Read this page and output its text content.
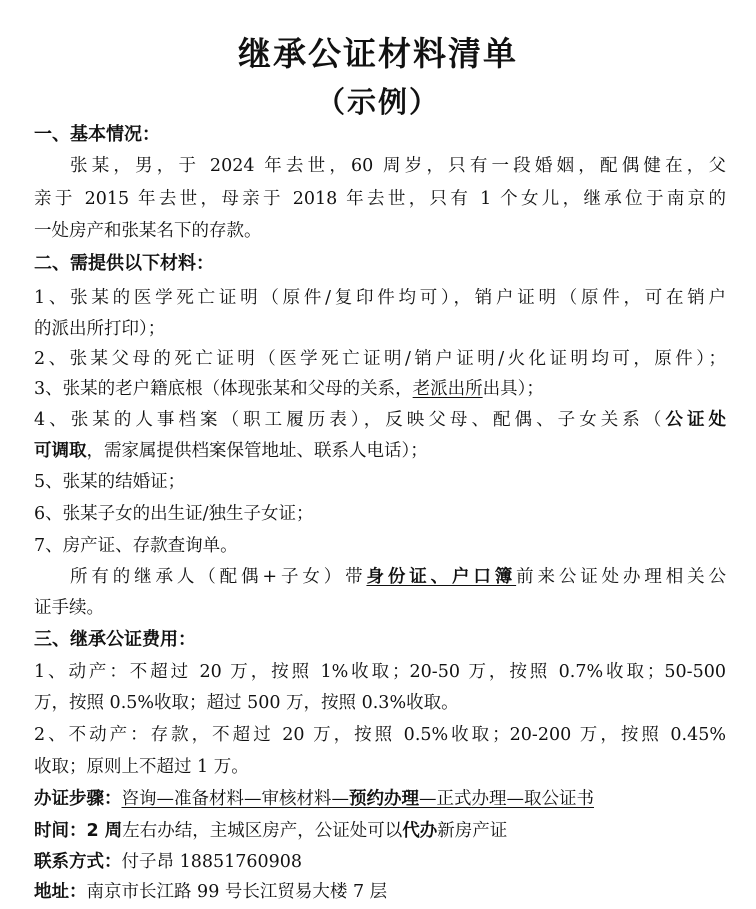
继承公证材料清单
（示例）
一、基本情况：
张某，男，于 2024 年去世，60 周岁，只有一段婚姻，配偶健在，父
亲于 2015 年去世，母亲于 2018 年去世，只有 1 个女儿，继承位于南京的
一处房产和张某名下的存款。
二、需提供以下材料：
1、张某的医学死亡证明（原件/复印件均可），销户证明（原件，可在销户
的派出所打印）；
2、张某父母的死亡证明（医学死亡证明/销户证明/火化证明均可，原件）；
3、张某的老户籍底根（体现张某和父母的关系，老派出所出具）；
4、张某的人事档案（职工履历表），反映父母、配偶、子女关系（公证处
可调取，需家属提供档案保管地址、联系人电话）；
5、张某的结婚证；
6、张某子女的出生证/独生子女证；
7、房产证、存款查询单。
所有的继承人（配偶+子女）带身份证、户口簿前来公证处办理相关公
证手续。
三、继承公证费用：
1、动产：不超过 20 万，按照 1%收取；20-50 万，按照 0.7%收取；50-500
万，按照 0.5%收取；超过 500 万，按照 0.3%收取。
2、不动产：存款，不超过 20 万，按照 0.5%收取；20-200 万，按照 0.45%
收取；原则上不超过 1 万。
办证步骤：咨询—准备材料—审核材料—预约办理—正式办理—取公证书
时间：2 周左右办结，主城区房产，公证处可以代办新房产证
联系方式：付子昂 18851760908
地址：南京市长江路 99 号长江贸易大楼 7 层
